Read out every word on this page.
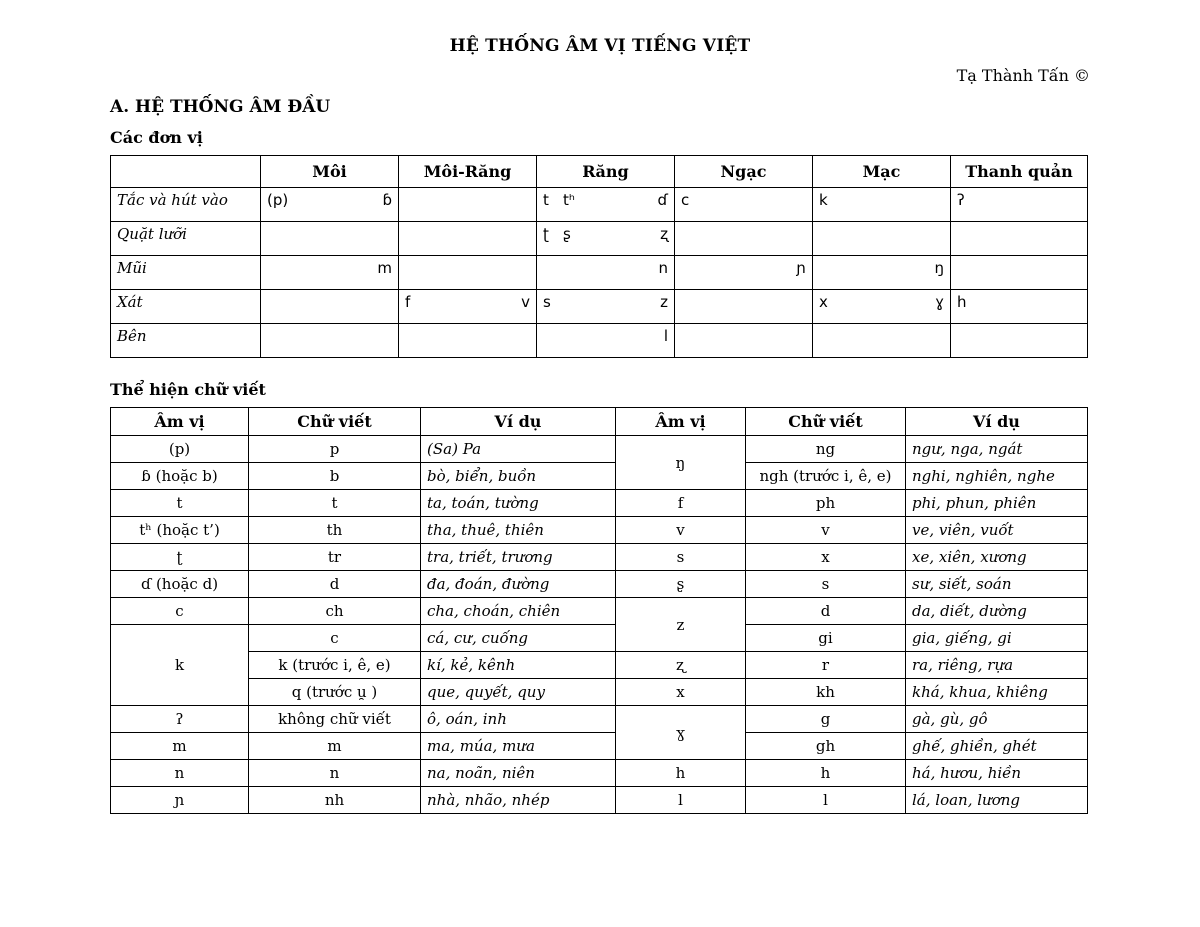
HỆ THỐNG ÂM VỊ TIẾNG VIỆT
Tạ Thành Tấn ©
A. HỆ THỐNG ÂM ĐẦU
Các đơn vị
	Môi	Môi-Răng	Răng	Ngạc	Mạc	Thanh quản
Tắc và hút vào	(p) ɓ		t tʰ ɗ	c	k	ʔ

Quặt lưỡi			ʈ ʂ ʐ			

Mũi	m		n	ɲ	ŋ	

Xát		f v	s z		x ɣ	h

Bên			l			

Thể hiện chữ viết
Âm vị	Chữ viết	Ví dụ	Âm vị	Chữ viết	Ví dụ
(p)	p	(Sa) Pa	ŋ	ng	ngư, nga, ngát
ɓ (hoặc b)	b	bò, biển, buồn		ngh (trước i, ê, e)	nghi, nghiên, nghe
t	t	ta, toán, tường	f	ph	phi, phun, phiên
tʰ (hoặc t’)	th	tha, thuê, thiên	v	v	ve, viên, vuốt
ʈ	tr	tra, triết, trương	s	x	xe, xiên, xương
ɗ (hoặc d)	d	đa, đoán, đường	ʂ	s	sư, siết, soán
c	ch	cha, choán, chiên	z	d	da, diết, dường
k	c	cá, cư, cuống		gi	gia, giếng, gi
	k (trước i, ê, e)	kí, kẻ, kênh	ʐ	r	ra, riêng, rựa
	q (trước u̯ )	que, quyết, quy	x	kh	khá, khua, khiêng
ʔ	không chữ viết	ô, oán, inh	ɣ	g	gà, gù, gô
m	m	ma, múa, mưa		gh	ghế, ghiền, ghét
n	n	na, noãn, niên	h	h	há, hươu, hiền
ɲ	nh	nhà, nhão, nhép	l	l	lá, loan, lương
